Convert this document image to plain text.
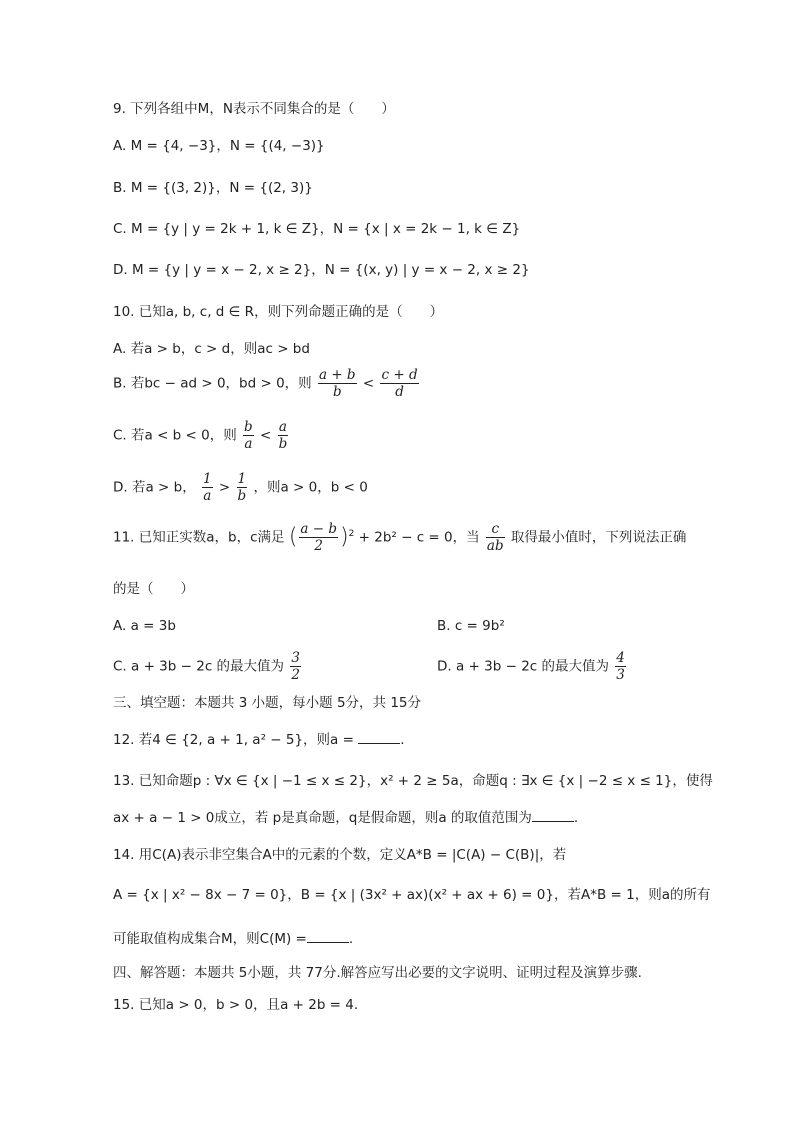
9. 下列各组中M，N表示不同集合的是（　　）
A. M = {4, −3}，N = {(4, −3)}
B. M = {(3, 2)}，N = {(2, 3)}
C. M = {y | y = 2k + 1, k ∈ Z}，N = {x | x = 2k − 1, k ∈ Z}
D. M = {y | y = x − 2, x ≥ 2}，N = {(x, y) | y = x − 2, x ≥ 2}
10. 已知a, b, c, d ∈ R，则下列命题正确的是（　　）
A. 若a > b，c > d，则ac > bd
B. 若bc − ad > 0，bd > 0，则 $\frac{a + b}{b} < \frac{c + d}{d}$
C. 若a < b < 0，则 $\frac{b}{a} < \frac{a}{b}$
D. 若a > b， $\frac{1}{a} > \frac{1}{b}$ ，则a > 0，b < 0
11. 已知正实数a，b，c满足 ( $\frac{a - b}{2} )^2 + 2b^2 - c = 0$，当 $\frac{c}{ab}$ 取得最小值时，下列说法正确
的是（　　）
A. a = 3b	B. c = 9b²
C. a + 3b − 2c 的最大值为 $\frac{3}{2}$	D. a + 3b − 2c 的最大值为 $\frac{4}{3}$
三、填空题：本题共 3 小题，每小题 5分，共 15分
12. 若4 ∈ {2, a + 1, a² − 5}，则a =	.
13. 已知命题p : ∀x ∈ {x | −1 ≤ x ≤ 2}，x² + 2 ≥ 5a，命题q : ∃x ∈ {x | −2 ≤ x ≤ 1}，使得
ax + a − 1 > 0成立，若 p是真命题，q是假命题，则a 的取值范围为	.
14. 用C(A)表示非空集合A中的元素的个数，定义A*B = |C(A) − C(B)|，若
A = {x | x² − 8x − 7 = 0}，B = {x | (3x² + ax)(x² + ax + 6) = 0}，若A*B = 1，则a的所有
可能取值构成集合M，则C(M) =	.
四、解答题：本题共 5小题，共 77分.解答应写出必要的文字说明、证明过程及演算步骤.
15. 已知a > 0，b > 0，且a + 2b = 4.
